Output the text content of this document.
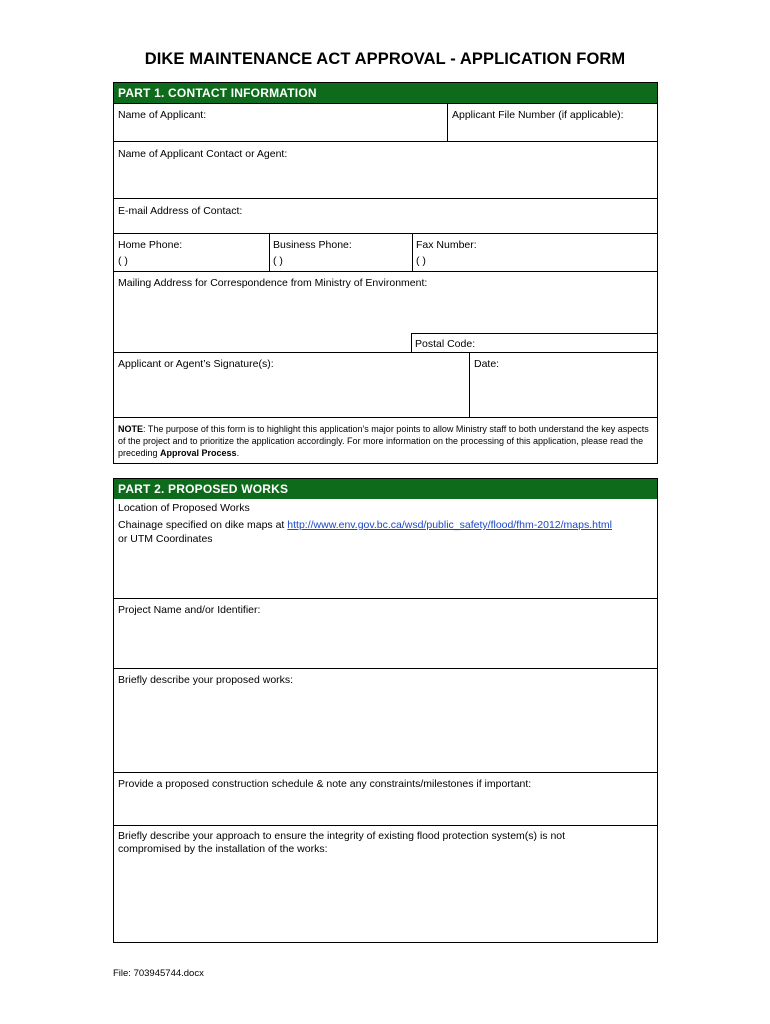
DIKE MAINTENANCE ACT APPROVAL - APPLICATION FORM
PART 1. CONTACT INFORMATION
Name of Applicant:	Applicant File Number (if applicable):
Name of Applicant Contact or Agent:
E-mail Address of Contact:
Home Phone:
( )
Business Phone:
( )
Fax Number:
( )
Mailing Address for Correspondence from Ministry of Environment:
Postal Code:
Applicant or Agent’s Signature(s):	Date:
NOTE: The purpose of this form is to highlight this application’s major points to allow Ministry staff to both understand the key aspects of the project and to prioritize the application accordingly. For more information on the processing of this application, please read the preceding Approval Process.
PART 2. PROPOSED WORKS
Location of Proposed Works
Chainage specified on dike maps at http://www.env.gov.bc.ca/wsd/public_safety/flood/fhm-2012/maps.html
or UTM Coordinates
Project Name and/or Identifier:
Briefly describe your proposed works:
Provide a proposed construction schedule & note any constraints/milestones if important:
Briefly describe your approach to ensure the integrity of existing flood protection system(s) is not compromised by the installation of the works:
File: 703945744.docx
